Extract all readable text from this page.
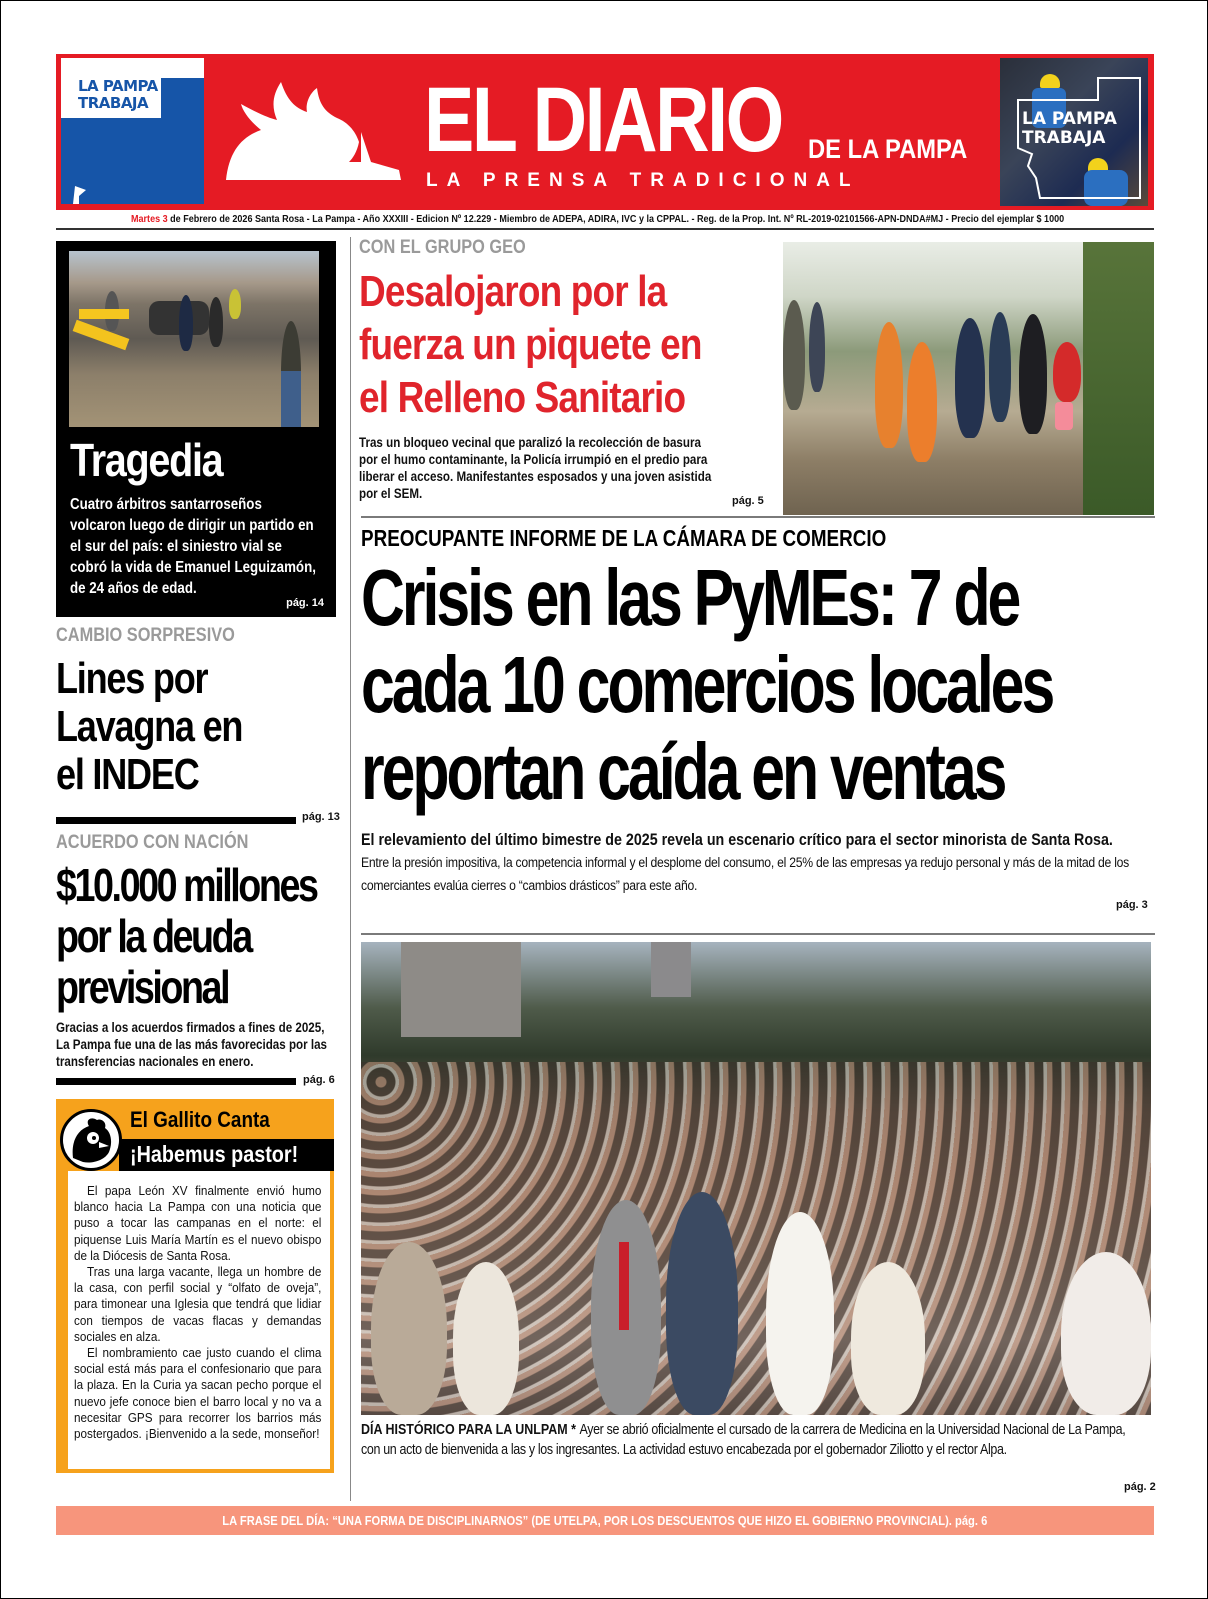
LA PAMPA
TRABAJA	EL DIARIO
LA PRENSA TRADICIONAL
DE LA PAMPA
LA PAMPA
TRABAJA
Martes 3 de Febrero de 2026 Santa Rosa - La Pampa - Año XXXIII - Edicion Nº 12.229 - Miembro de ADEPA, ADIRA, IVC y la CPPAL. - Reg. de la Prop. Int. Nº RL-2019-02101566-APN-DNDA#MJ - Precio del ejemplar $ 1000
Tragedia

Cuatro árbitros santarroseños volcaron luego de dirigir un partido en el sur del país: el siniestro vial se cobró la vida de Emanuel Leguizamón, de 24 años de edad.

pág. 14
CAMBIO SORPRESIVO
Lines por
Lavagna en
el INDEC
pág. 13
ACUERDO CON NACIÓN
$10.000 millones
por la deuda
previsional
Gracias a los acuerdos firmados a fines de 2025, La Pampa fue una de las más favorecidas por las transferencias nacionales en enero.
pág. 6
El Gallito Canta
¡Habemus pastor!

El papa León XV finalmente envió humo blanco hacia La Pampa con una noticia que puso a tocar las campanas en el norte: el piquense Luis María Martín es el nuevo obispo de la Diócesis de Santa Rosa.

Tras una larga vacante, llega un hombre de la casa, con perfil social y “olfato de oveja”, para timonear una Iglesia que tendrá que lidiar con tiempos de vacas flacas y demandas sociales en alza.

El nombramiento cae justo cuando el clima social está más para el confesionario que para la plaza. En la Curia ya sacan pecho porque el nuevo jefe conoce bien el barro local y no va a necesitar GPS para recorrer los barrios más postergados. ¡Bienvenido a la sede, monseñor!

CON EL GRUPO GEO
Desalojaron por la
fuerza un piquete en
el Relleno Sanitario
Tras un bloqueo vecinal que paralizó la recolección de basura por el humo contaminante, la Policía irrumpió en el predio para liberar el acceso. Manifestantes esposados y una joven asistida por el SEM.	pág. 5
PREOCUPANTE INFORME DE LA CÁMARA DE COMERCIO
Crisis en las PyMEs: 7 de
cada 10 comercios locales
reportan caída en ventas
El relevamiento del último bimestre de 2025 revela un escenario crítico para el sector minorista de Santa Rosa. Entre la presión impositiva, la competencia informal y el desplome del consumo, el 25% de las empresas ya redujo personal y más de la mitad de los comerciantes evalúa cierres o “cambios drásticos” para este año.
pág. 3
DÍA HISTÓRICO PARA LA UNLPAM * Ayer se abrió oficialmente el cursado de la carrera de Medicina en la Universidad Nacional de La Pampa, con un acto de bienvenida a las y los ingresantes. La actividad estuvo encabezada por el gobernador Ziliotto y el rector Alpa.
pág. 2
LA FRASE DEL DÍA: “UNA FORMA DE DISCIPLINARNOS” (DE UTELPA, POR LOS DESCUENTOS QUE HIZO EL GOBIERNO PROVINCIAL). pág. 6
